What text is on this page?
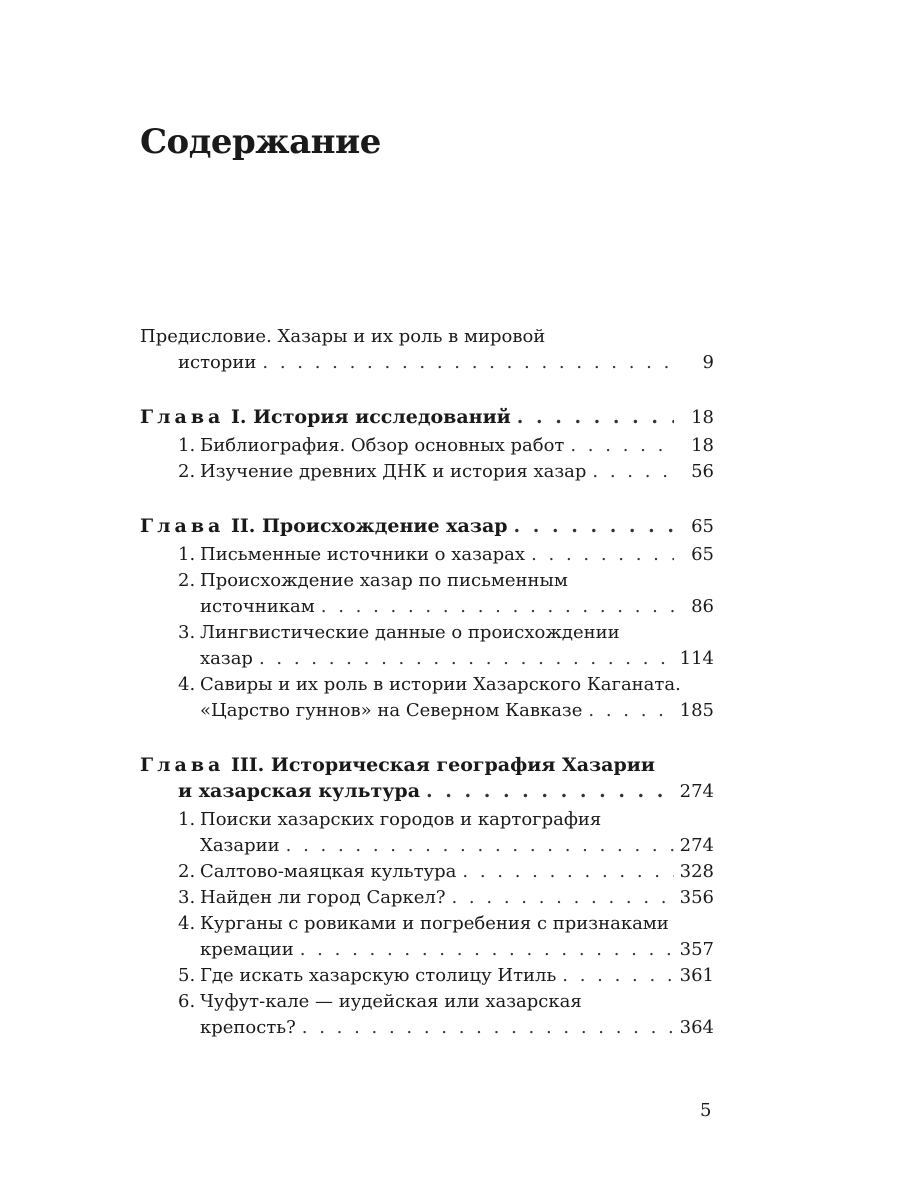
Содержание
Предисловие. Хазары и их роль в мировой
истории . . .	9
Глава I. История исследований . . .	18
1. Библиография. Обзор основных работ . . .	18
2. Изучение древних ДНК и история хазар . . .	56
Глава II. Происхождение хазар . . .	65
1. Письменные источники о хазарах . . .	65
2. Происхождение хазар по письменным
источникам . . .	86
3. Лингвистические данные о происхождении
хазар . . .	114
4. Савиры и их роль в истории Хазарского Каганата.
«Царство гуннов» на Северном Кавказе . . .	185
Глава III. Историческая география Хазарии
и хазарская культура . . .	274
1. Поиски хазарских городов и картография
Хазарии . . .	274
2. Салтово-маяцкая культура . . .	328
3. Найден ли город Саркел? . . .	356
4. Курганы с ровиками и погребения с признаками
кремации . . .	357
5. Где искать хазарскую столицу Итиль . . .	361
6. Чуфут-кале — иудейская или хазарская
крепость? . . .	364
5
